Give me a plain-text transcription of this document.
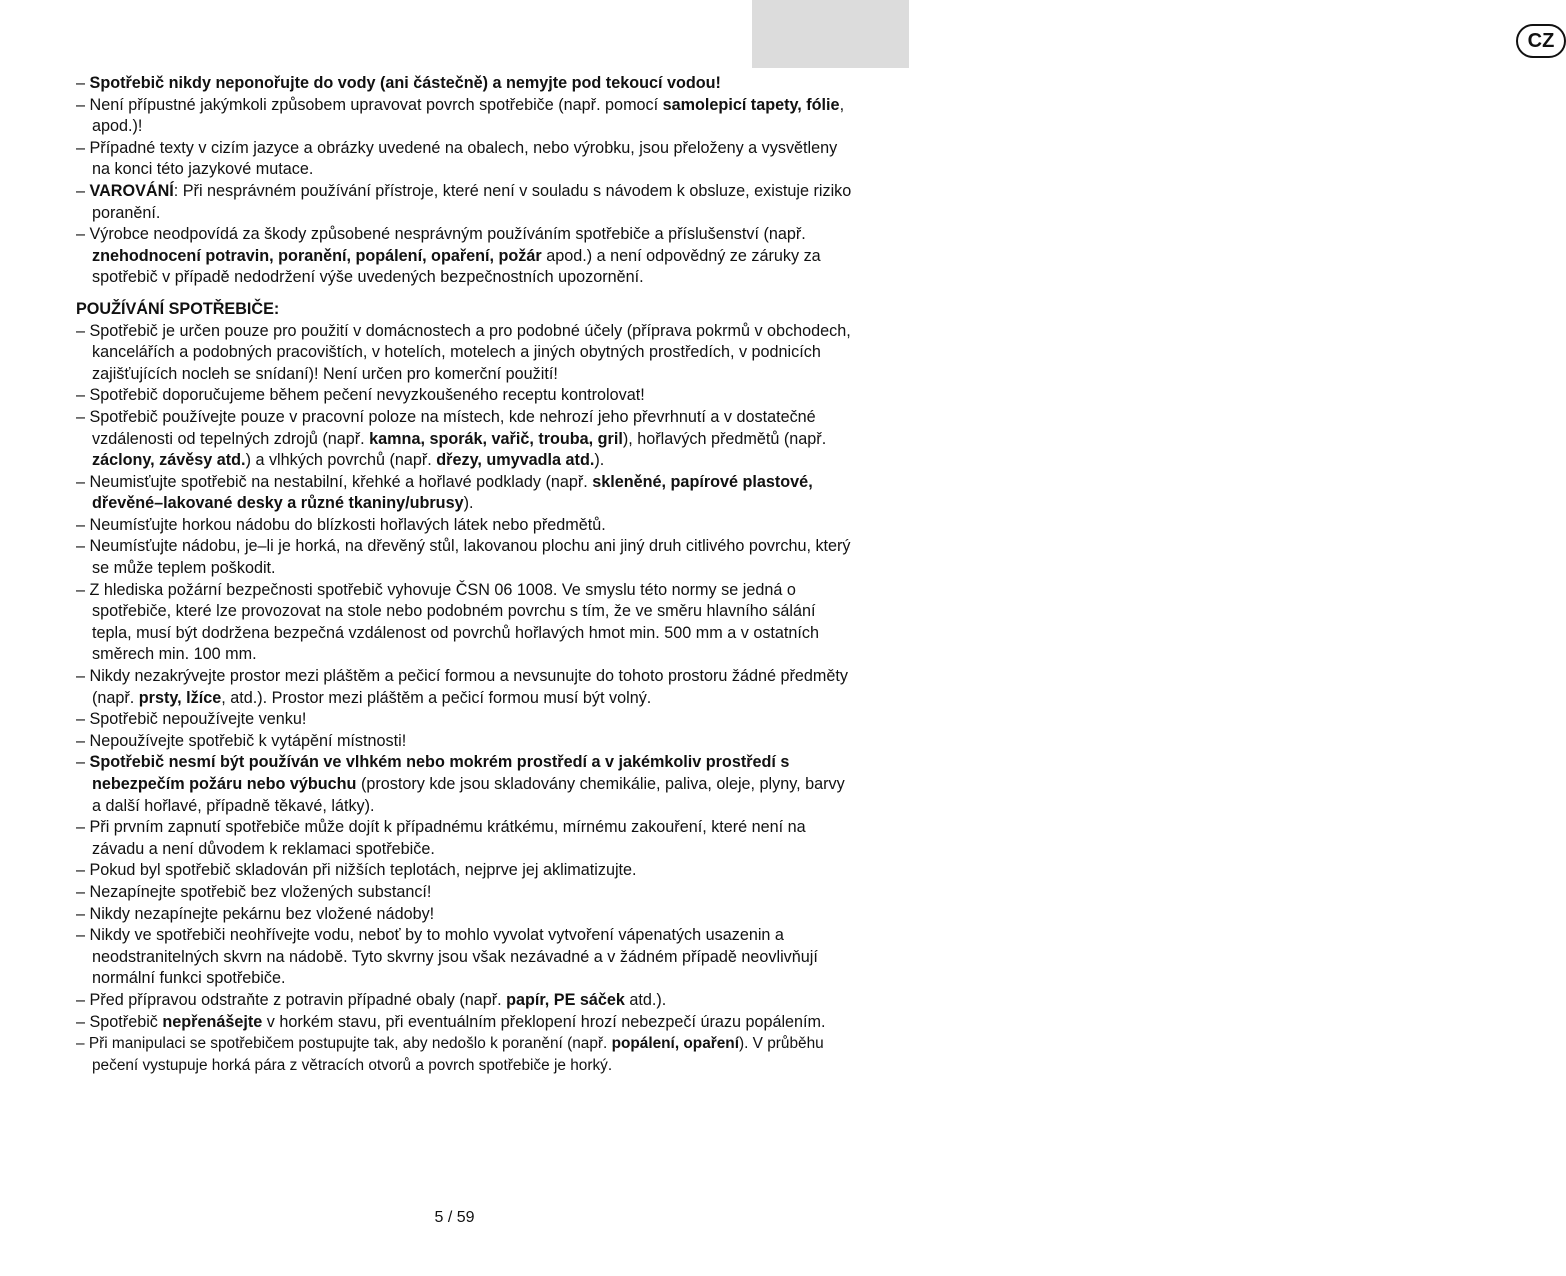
CZ
– Spotřebič nikdy neponořujte do vody (ani částečně) a nemyjte pod tekoucí vodou!
– Není přípustné jakýmkoli způsobem upravovat povrch spotřebiče (např. pomocí samolepicí tapety, fólie, apod.)!
– Případné texty v cizím jazyce a obrázky uvedené na obalech, nebo výrobku, jsou přeloženy a vysvětleny na konci této jazykové mutace.
– VAROVÁNÍ: Při nesprávném používání přístroje, které není v souladu s návodem k obsluze, existuje riziko poranění.
– Výrobce neodpovídá za škody způsobené nesprávným používáním spotřebiče a příslušenství (např. znehodnocení potravin, poranění, popálení, opaření, požár apod.) a není odpovědný ze záruky za spotřebič v případě nedodržení výše uvedených bezpečnostních upozornění.
POUŽÍVÁNÍ SPOTŘEBIČE:
– Spotřebič je určen pouze pro použití v domácnostech a pro podobné účely (příprava pokrmů v obchodech, kancelářích a podobných pracovištích, v hotelích, motelech a jiných obytných prostředích, v podnicích zajišťujících nocleh se snídaní)! Není určen pro komerční použití!
– Spotřebič doporučujeme během pečení nevyzkoušeného receptu kontrolovat!
– Spotřebič používejte pouze v pracovní poloze na místech, kde nehrozí jeho převrhnutí a v dostatečné vzdálenosti od tepelných zdrojů (např. kamna, sporák, vařič, trouba, gril), hořlavých předmětů (např. záclony, závěsy atd.) a vlhkých povrchů (např. dřezy, umyvadla atd.).
– Neumisťujte spotřebič na nestabilní, křehké a hořlavé podklady (např. skleněné, papírové plastové, dřevěné–lakované desky a různé tkaniny/ubrusy).
– Neumísťujte horkou nádobu do blízkosti hořlavých látek nebo předmětů.
– Neumísťujte nádobu, je–li je horká, na dřevěný stůl, lakovanou plochu ani jiný druh citlivého povrchu, který se může teplem poškodit.
– Z hlediska požární bezpečnosti spotřebič vyhovuje ČSN 06 1008. Ve smyslu této normy se jedná o spotřebiče, které lze provozovat na stole nebo podobném povrchu s tím, že ve směru hlavního sálání tepla, musí být dodržena bezpečná vzdálenost od povrchů hořlavých hmot min. 500 mm a v ostatních směrech min. 100 mm.
– Nikdy nezakrývejte prostor mezi pláštěm a pečicí formou a nevsunujte do tohoto prostoru žádné předměty (např. prsty, lžíce, atd.). Prostor mezi pláštěm a pečicí formou musí být volný.
– Spotřebič nepoužívejte venku!
– Nepoužívejte spotřebič k vytápění místnosti!
– Spotřebič nesmí být používán ve vlhkém nebo mokrém prostředí a v jakémkoliv prostředí s nebezpečím požáru nebo výbuchu (prostory kde jsou skladovány chemikálie, paliva, oleje, plyny, barvy a další hořlavé, případně těkavé, látky).
– Při prvním zapnutí spotřebiče může dojít k případnému krátkému, mírnému zakouření, které není na závadu a není důvodem k reklamaci spotřebiče.
– Pokud byl spotřebič skladován při nižších teplotách, nejprve jej aklimatizujte.
– Nezapínejte spotřebič bez vložených substancí!
– Nikdy nezapínejte pekárnu bez vložené nádoby!
– Nikdy ve spotřebiči neohřívejte vodu, neboť by to mohlo vyvolat vytvoření vápenatých usazenin a neodstranitelných skvrn na nádobě. Tyto skvrny jsou však nezávadné a v žádném případě neovlivňují normální funkci spotřebiče.
– Před přípravou odstraňte z potravin případné obaly (např. papír, PE sáček atd.).
– Spotřebič nepřenášejte v horkém stavu, při eventuálním překlopení hrozí nebezpečí úrazu popálením.
– Při manipulaci se spotřebičem postupujte tak, aby nedošlo k poranění (např. popálení, opaření). V průběhu pečení vystupuje horká pára z větracích otvorů a povrch spotřebiče je horký.
5 / 59
